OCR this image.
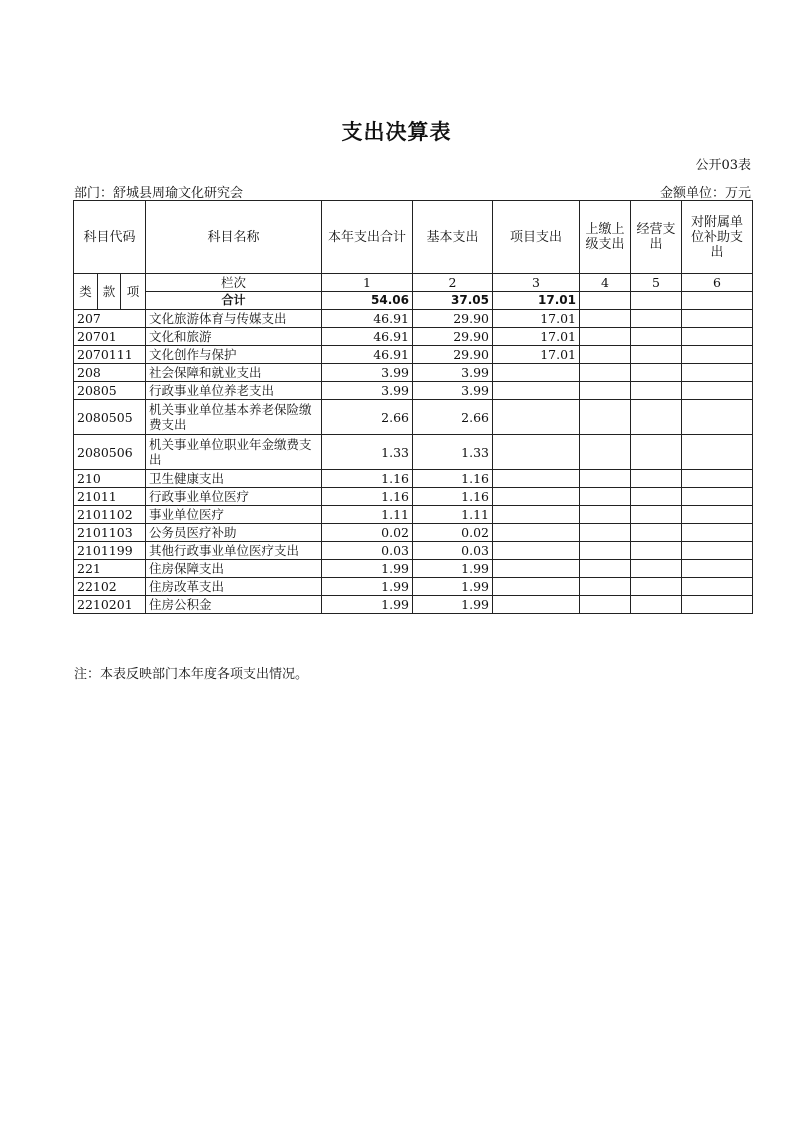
支出决算表
公开03表
部门：舒城县周瑜文化研究会	金额单位：万元
科目代码			科目名称	本年支出合计	基本支出	项目支出	上缴上级支出	经营支出	对附属单位补助支出
类	款	项	栏次	1	2	3	4	5	6
			合计	54.06	37.05	17.01			
207			文化旅游体育与传媒支出	46.91	29.90	17.01			
20701			文化和旅游	46.91	29.90	17.01			
2070111			文化创作与保护	46.91	29.90	17.01			
208			社会保障和就业支出	3.99	3.99				
20805			行政事业单位养老支出	3.99	3.99				
2080505			机关事业单位基本养老保险缴费支出	2.66	2.66				
2080506			机关事业单位职业年金缴费支出	1.33	1.33				
210			卫生健康支出	1.16	1.16				
21011			行政事业单位医疗	1.16	1.16				
2101102			事业单位医疗	1.11	1.11				
2101103			公务员医疗补助	0.02	0.02				
2101199			其他行政事业单位医疗支出	0.03	0.03				
221			住房保障支出	1.99	1.99				
22102			住房改革支出	1.99	1.99				
2210201			住房公积金	1.99	1.99				
注：本表反映部门本年度各项支出情况。
